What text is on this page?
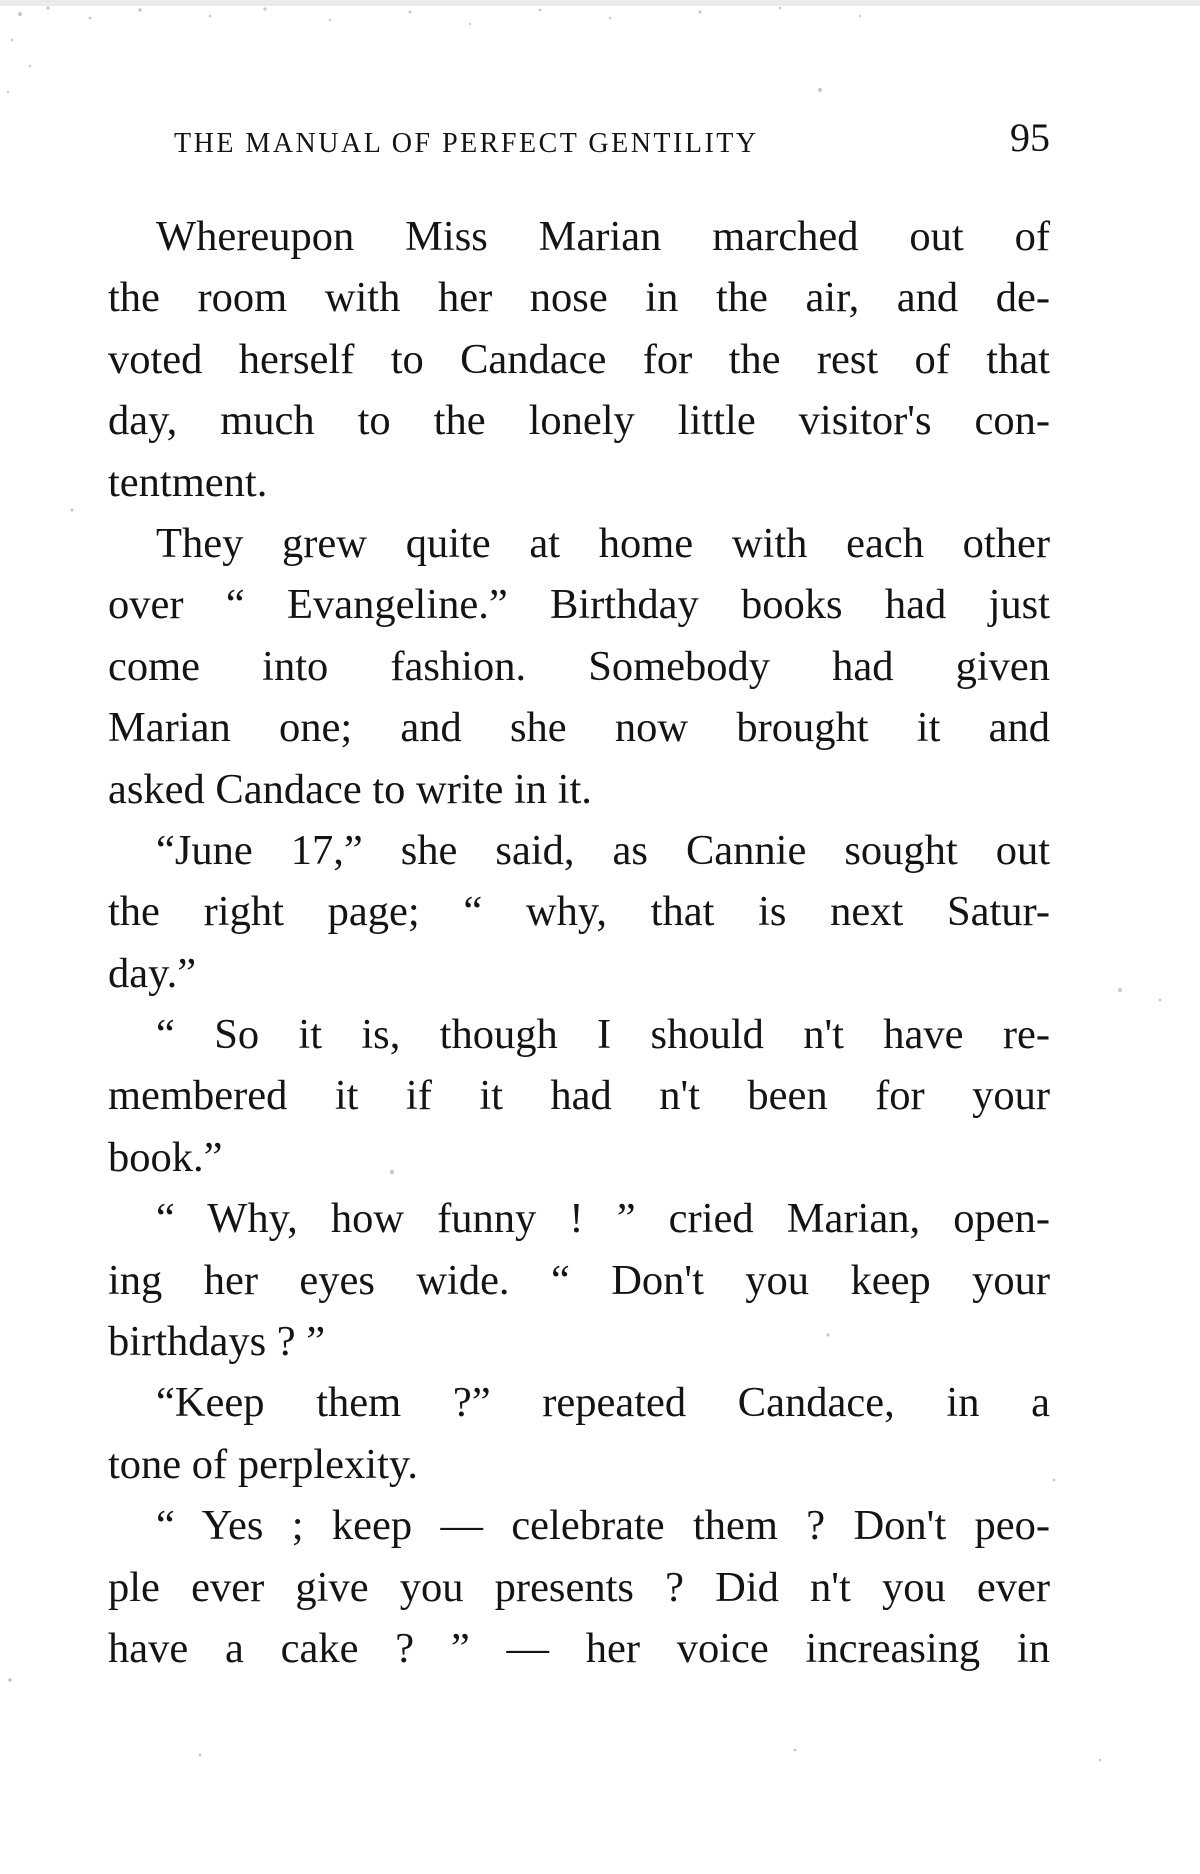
THE MANUAL OF PERFECT GENTILITY	95
Whereupon Miss Marian marched out of
the room with her nose in the air, and de-
voted herself to Candace for the rest of that
day, much to the lonely little visitor's con-
tentment.
They grew quite at home with each other
over “ Evangeline.” Birthday books had just
come into fashion. Somebody had given
Marian one; and she now brought it and
asked Candace to write in it.
“June 17,” she said, as Cannie sought out
the right page; “ why, that is next Satur-
day.”
“ So it is, though I should n't have re-
membered it if it had n't been for your
book.”
“ Why, how funny ! ” cried Marian, open-
ing her eyes wide. “ Don't you keep your
birthdays ? ”
“Keep them ?” repeated Candace, in a
tone of perplexity.
“ Yes ; keep — celebrate them ? Don't peo-
ple ever give you presents ? Did n't you ever
have a cake ? ” — her voice increasing in
